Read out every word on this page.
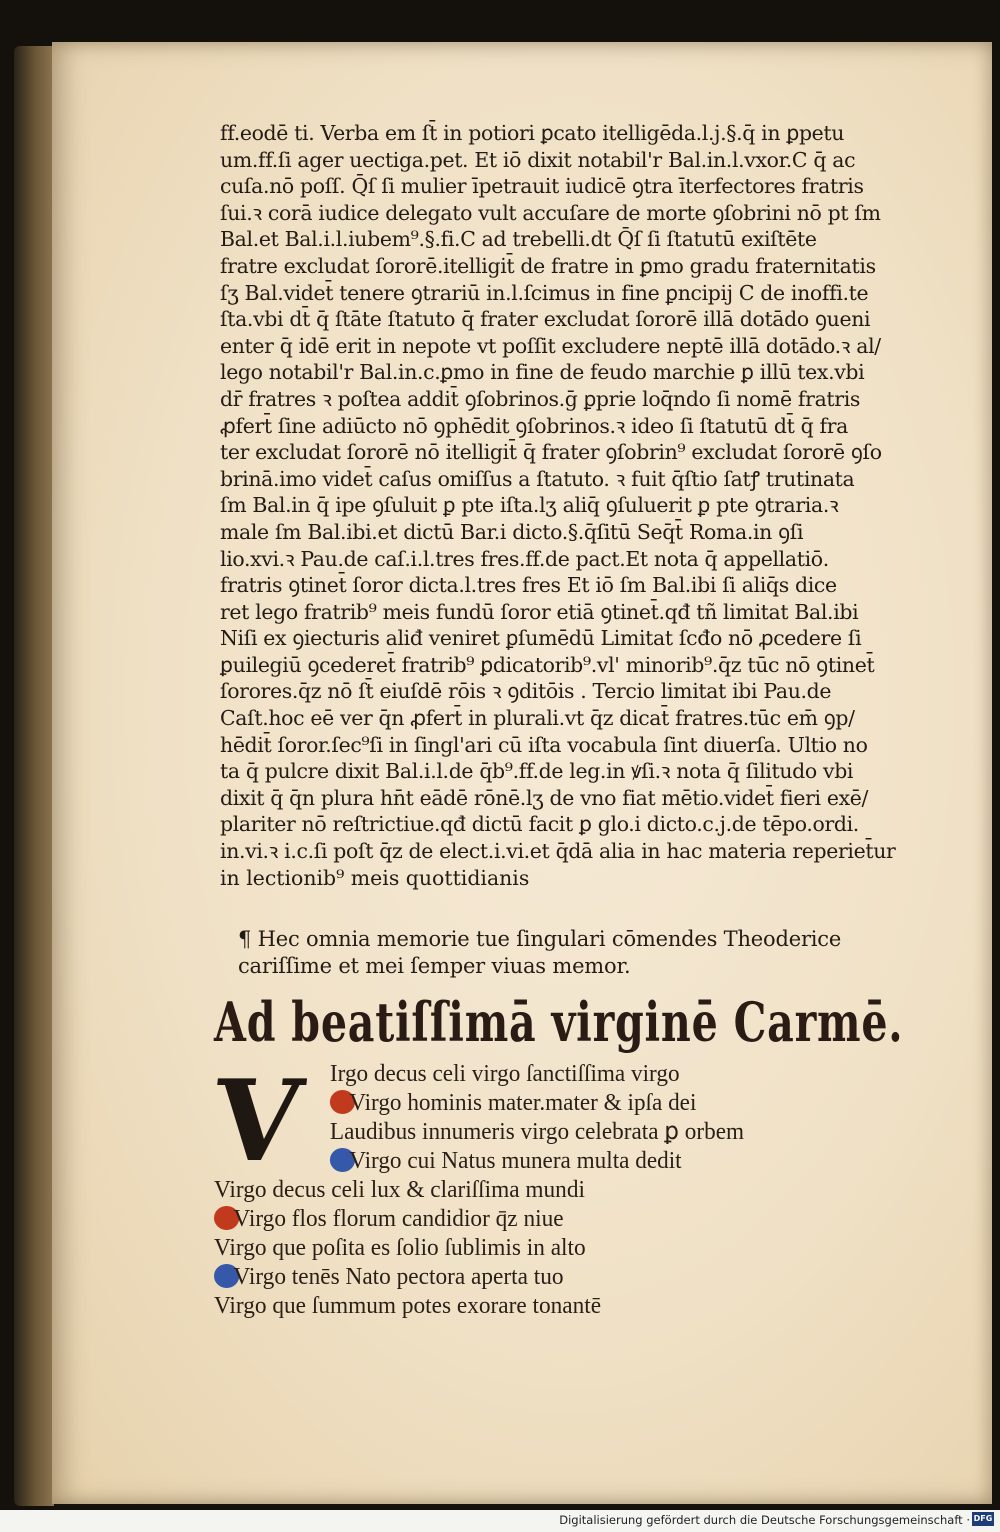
ff.eodē ti. Verba em ſt̄ in potiori ꝑcato itelligēda.l.j.§.q̄ in ꝑpetu
um.ff.ſi ager uectiga.pet. Et iō dixit notabil'r Bal.in.l.vxor.C q̄ ac
cuſa.nō poſſ. Q̄ſ ſi mulier īpetrauit iudicē ꝯtra īterfectores fratris
ſui.ꝛ corā iudice delegato vult accuſare de morte ꝯſobrini nō pt ſm
Bal.et Bal.i.l.iubem⁹.§.fi.C ad trebelli.dt Q̄ſ ſi ſtatutū exiſtēte
fratre excludat ſororē.itelligit̄ de fratre in ꝑmo gradu fraternitatis
ſʒ Bal.videt̄ tenere ꝯtrariū in.l.ſcimus in fine ꝑncipij C de inoffi.te
ſta.vbi dt̄ q̄ ſtāte ſtatuto q̄ frater excludat ſororē illā dotādo ꝯueni
enter q̄ idē erit in nepote vt poſſit excludere neptē illā dotādo.ꝛ al/
lego notabil'r Bal.in.c.ꝑmo in fine de feudo marchie ꝑ illū tex.vbi
dr̄ fratres ꝛ poſtea addit̄ ꝯſobrinos.ḡ ꝑprie loq̄ndo ſi nomē fratris
ꝓfert̄ ſine adiūcto nō ꝯphēdit ꝯſobrinos.ꝛ ideo ſi ſtatutū dt̄ q̄ fra
ter excludat ſororē nō itelligit̄ q̄ frater ꝯſobrin⁹ excludat ſororē ꝯſo
brinā.imo videt̄ caſus omiſſus a ſtatuto. ꝛ fuit q̄ſtio ſatꝭ trutinata
ſm Bal.in q̄ ipe ꝯſuluit ꝑ pte iſta.lʒ aliq̄ ꝯſuluerit ꝑ pte ꝯtraria.ꝛ
male ſm Bal.ibi.et dictū Bar.i dicto.§.q̄ſitū Seq̄t̄ Roma.in ꝯſi
lio.xvi.ꝛ Pau.de caſ.i.l.tres fres.ff.de pact.Et nota q̄ appellatiō.
fratris ꝯtinet̄ ſoror dicta.l.tres fres Et iō ſm Bal.ibi ſi aliq̄s dice
ret lego fratrib⁹ meis fundū ſoror etiā ꝯtinet̄.qđ tñ limitat Bal.ibi
Niſi ex ꝯiecturis aliđ veniret ꝑſumēdū Limitat ſcđo nō ꝓcedere ſi
ꝑuilegiū ꝯcederet̄ fratrib⁹ ꝑdicatorib⁹.vl' minorib⁹.q̄z tūc nō ꝯtinet̄
ſorores.q̄z nō ſt̄ eiuſdē rōis ꝛ ꝯditōis . Tercio limitat ibi Pau.de
Caſt.hoc eē ver q̄n ꝓfert̄ in plurali.vt q̄z dicat̄ fratres.tūc em̄ ꝯp/
hēdit̄ ſoror.ſec⁹ſi in ſingl'ari cū iſta vocabula ſint diuerſa. Ultio no
ta q̄ pulcre dixit Bal.i.l.de q̄b⁹.ff.de leg.in ꝟſi.ꝛ nota q̄ ſilitudo vbi
dixit q̄ q̄n plura hn̄t eādē rōnē.lʒ de vno fiat mētio.videt̄ fieri exē/
plariter nō reſtrictiue.qđ dictū facit ꝑ glo.i dicto.c.j.de tēpo.ordi.
in.vi.ꝛ i.c.ſi poſt q̄z de elect.i.vi.et q̄dā alia in hac materia reperiet̄ur
in lectionib⁹ meis quottidianis
¶ Hec omnia memorie tue ſingulari cōmendes Theoderice
cariſſime et mei ſemper viuas memor.
Ad beatiſſimā virginē Carmē.
V Irgo decus celi virgo ſanctiſſima virgo
Virgo hominis mater.mater & ipſa dei
Laudibus innumeris virgo celebrata ꝑ orbem
Virgo cui Natus munera multa dedit
Virgo decus celi lux & clariſſima mundi
Virgo flos florum candidior q̄z niue
Virgo que poſita es ſolio ſublimis in alto
Virgo tenēs Nato pectora aperta tuo
Virgo que ſummum potes exorare tonantē
Digitalisierung gefördert durch die Deutsche Forschungsgemeinschaft · DFG
